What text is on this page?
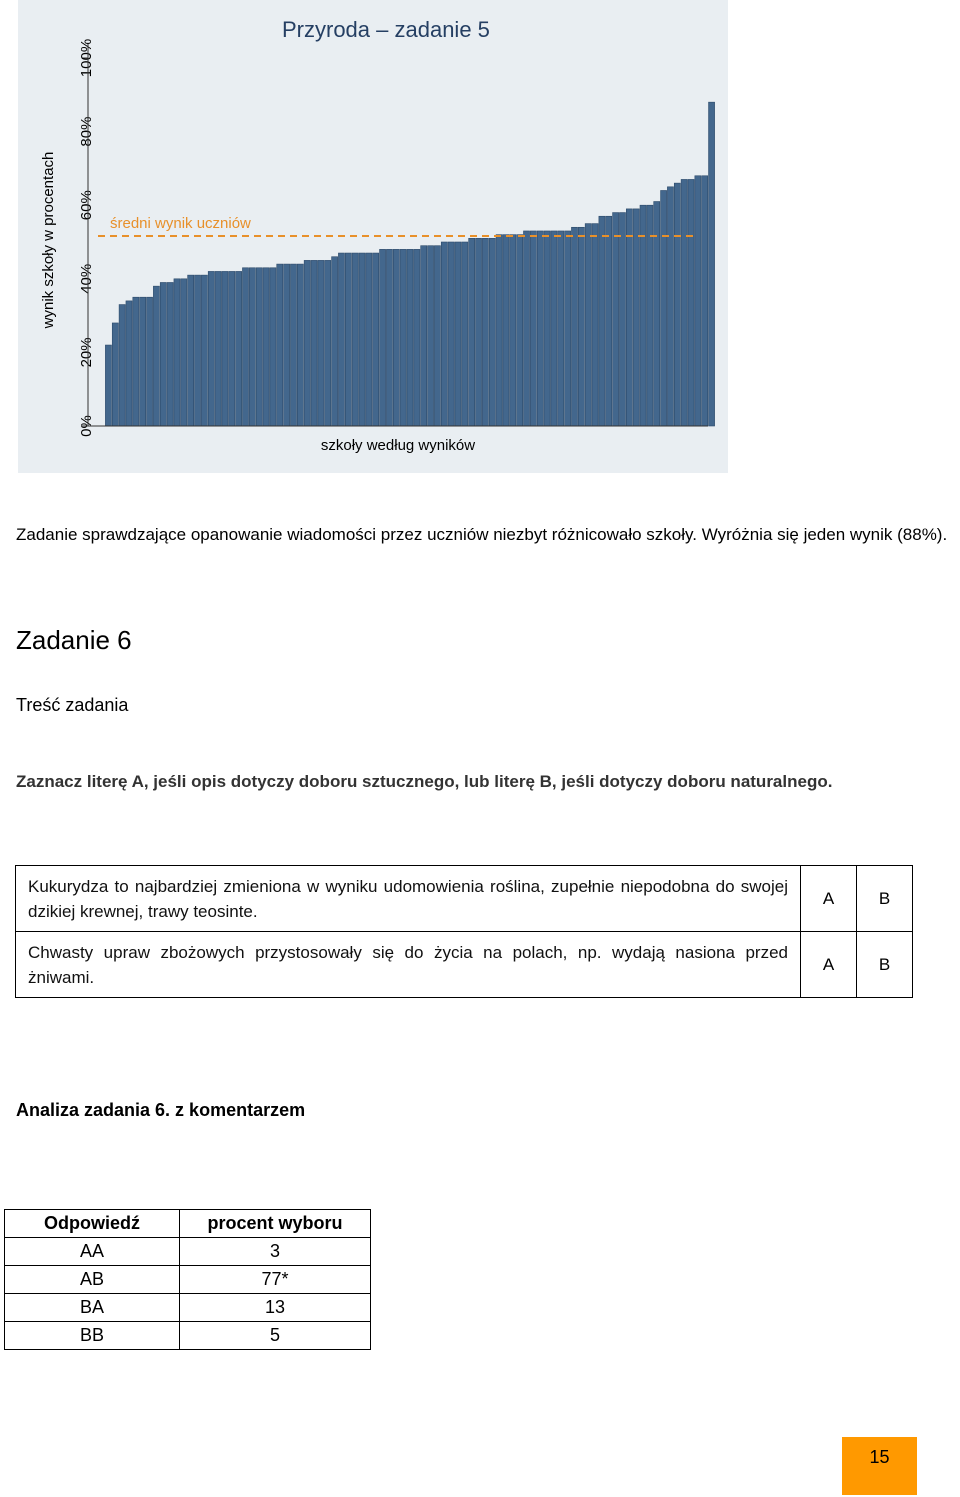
Przyroda – zadanie 5
wynik szkoły w procentach
szkoły według wyników
0%
20%
40%
60%
80%
100%
średni wynik uczniów
Zadanie sprawdzające opanowanie wiadomości przez uczniów niezbyt różnicowało szkoły. Wyróżnia się jeden wynik (88%).
Zadanie 6
Treść zadania
Zaznacz literę A, jeśli opis dotyczy doboru sztucznego, lub literę B, jeśli dotyczy doboru naturalnego.
Kukurydza to najbardziej zmieniona w wyniku udomowienia roślina, zupełnie niepodobna do swojej dzikiej krewnej, trawy teosinte.	A	B
Chwasty upraw zbożowych przystosowały się do życia na polach, np. wydają nasiona przed żniwami.	A	B
Analiza zadania 6. z komentarzem
Odpowiedź	procent wyboru
AA	3
AB	77*
BA	13
BB	5
15
